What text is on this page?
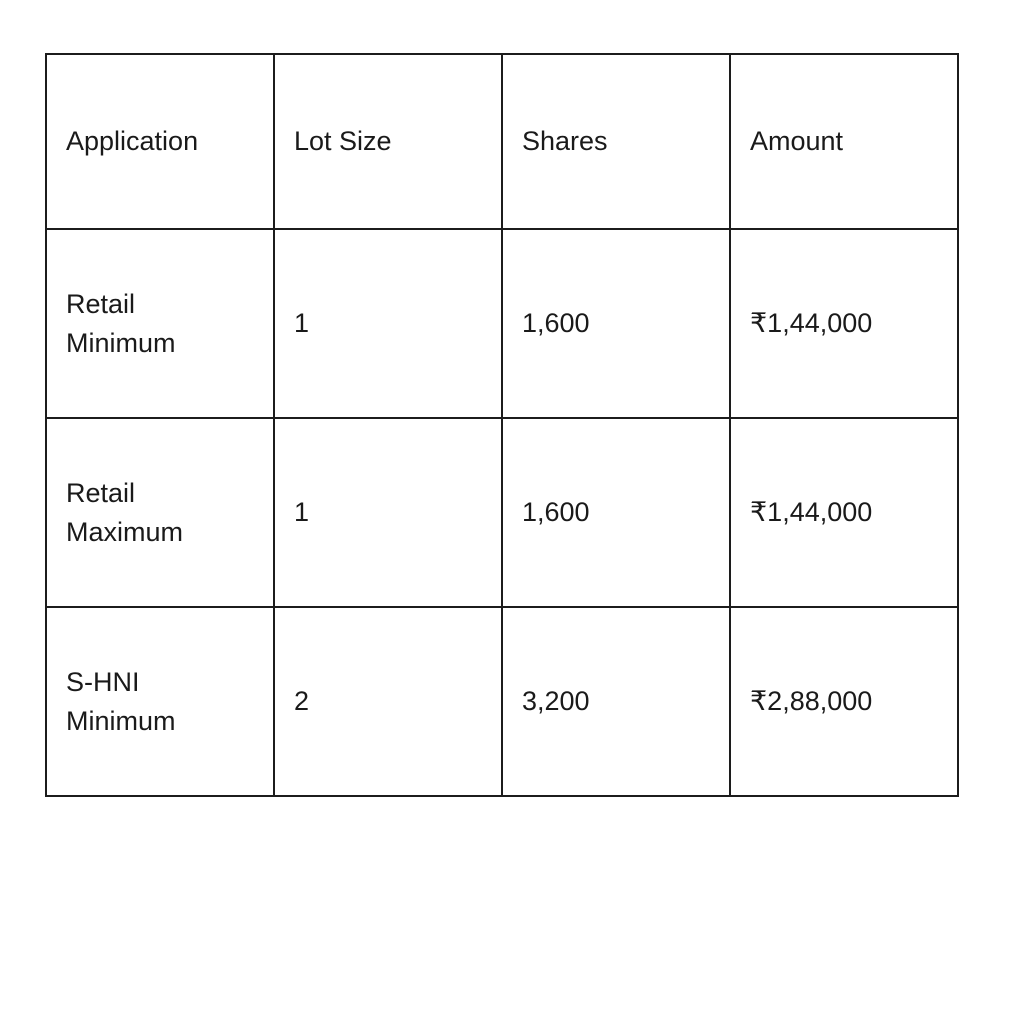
Application	Lot Size	Shares	Amount

Retail
Minimum	1	1,600	₹1,44,000

Retail
Maximum	1	1,600	₹1,44,000

S-HNI
Minimum	2	3,200	₹2,88,000
